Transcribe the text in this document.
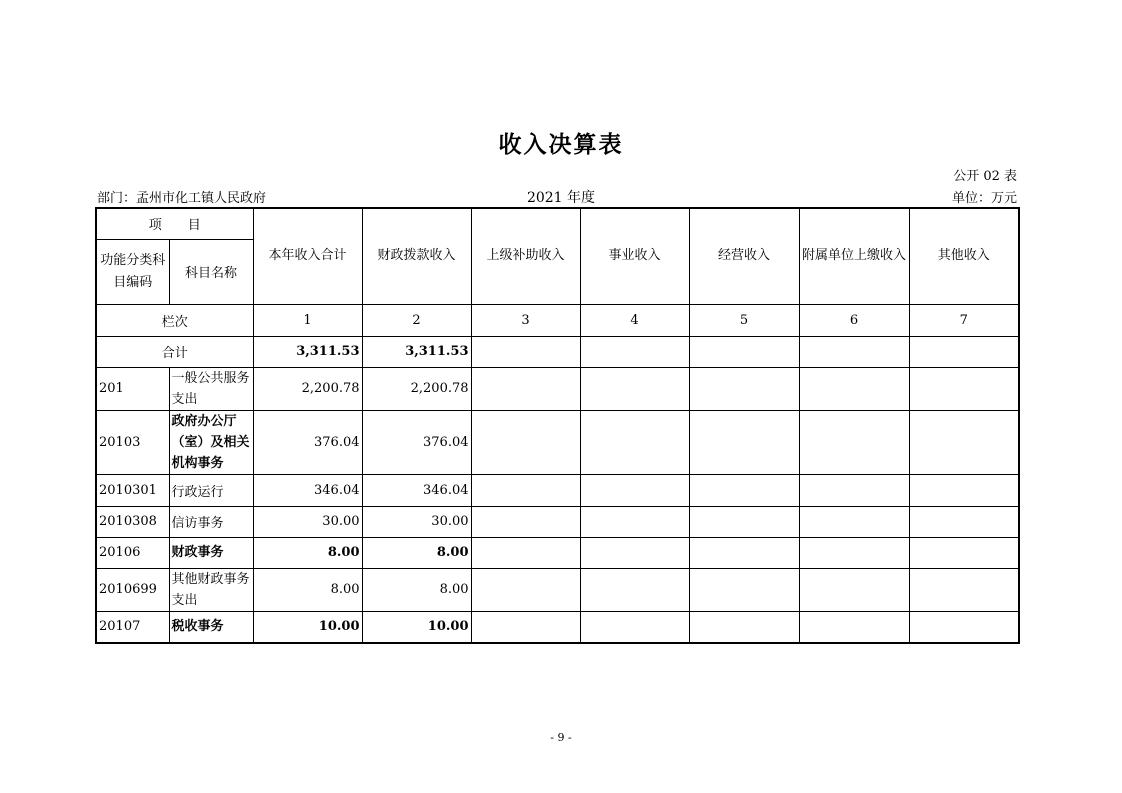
收入决算表
公开 02 表
部门：孟州市化工镇人民政府	2021 年度	单位：万元
项　　目		本年收入合计	财政拨款收入	上级补助收入	事业收入	经营收入	附属单位上缴收入	其他收入
功能分类科目编码	科目名称							
栏次		1	2	3	4	5	6	7
合计		3,311.53	3,311.53					
201	一般公共服务支出	2,200.78	2,200.78					
20103	政府办公厅（室）及相关机构事务	376.04	376.04					
2010301	行政运行	346.04	346.04					
2010308	信访事务	30.00	30.00					
20106	财政事务	8.00	8.00					
2010699	其他财政事务支出	8.00	8.00					
20107	税收事务	10.00	10.00					
- 9 -
